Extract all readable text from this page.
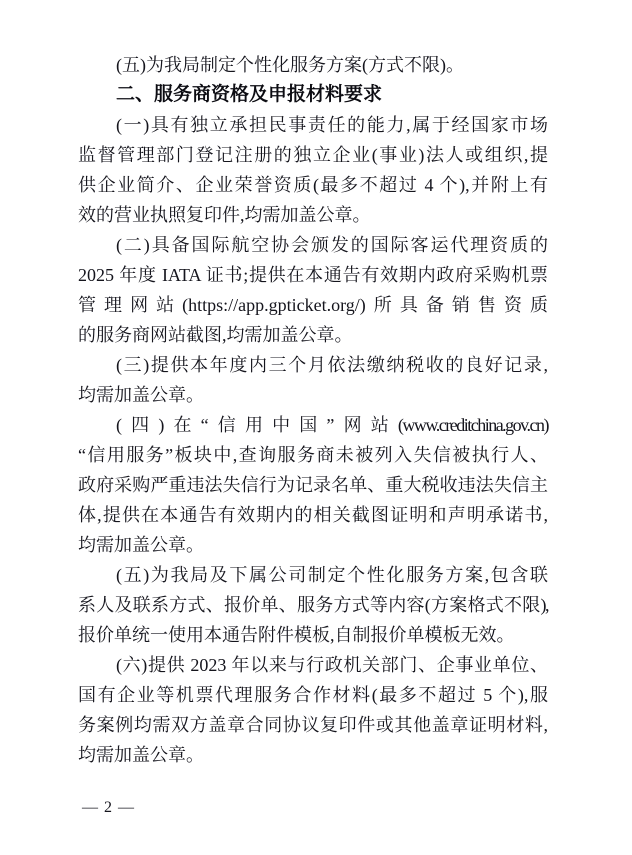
(五)为我局制定个性化服务方案(方式不限)。
二、服务商资格及申报材料要求
(一)具有独立承担民事责任的能力,属于经国家市场
监督管理部门登记注册的独立企业(事业)法人或组织,提
供企业简介、企业荣誉资质(最多不超过 4 个),并附上有
效的营业执照复印件,均需加盖公章。
(二)具备国际航空协会颁发的国际客运代理资质的
2025 年度 IATA 证书;提供在本通告有效期内政府采购机票
管理网站(https://app.gpticket.org/)所具备销售资质
的服务商网站截图,均需加盖公章。
(三)提供本年度内三个月依法缴纳税收的良好记录,
均需加盖公章。
(四)在“信用中国”网站(www.creditchina.gov.cn)
“信用服务”板块中,查询服务商未被列入失信被执行人、
政府采购严重违法失信行为记录名单、重大税收违法失信主
体,提供在本通告有效期内的相关截图证明和声明承诺书,
均需加盖公章。
(五)为我局及下属公司制定个性化服务方案,包含联
系人及联系方式、报价单、服务方式等内容(方案格式不限),
报价单统一使用本通告附件模板,自制报价单模板无效。
(六)提供 2023 年以来与行政机关部门、企事业单位、
国有企业等机票代理服务合作材料(最多不超过 5 个),服
务案例均需双方盖章合同协议复印件或其他盖章证明材料,
均需加盖公章。
— 2 —
